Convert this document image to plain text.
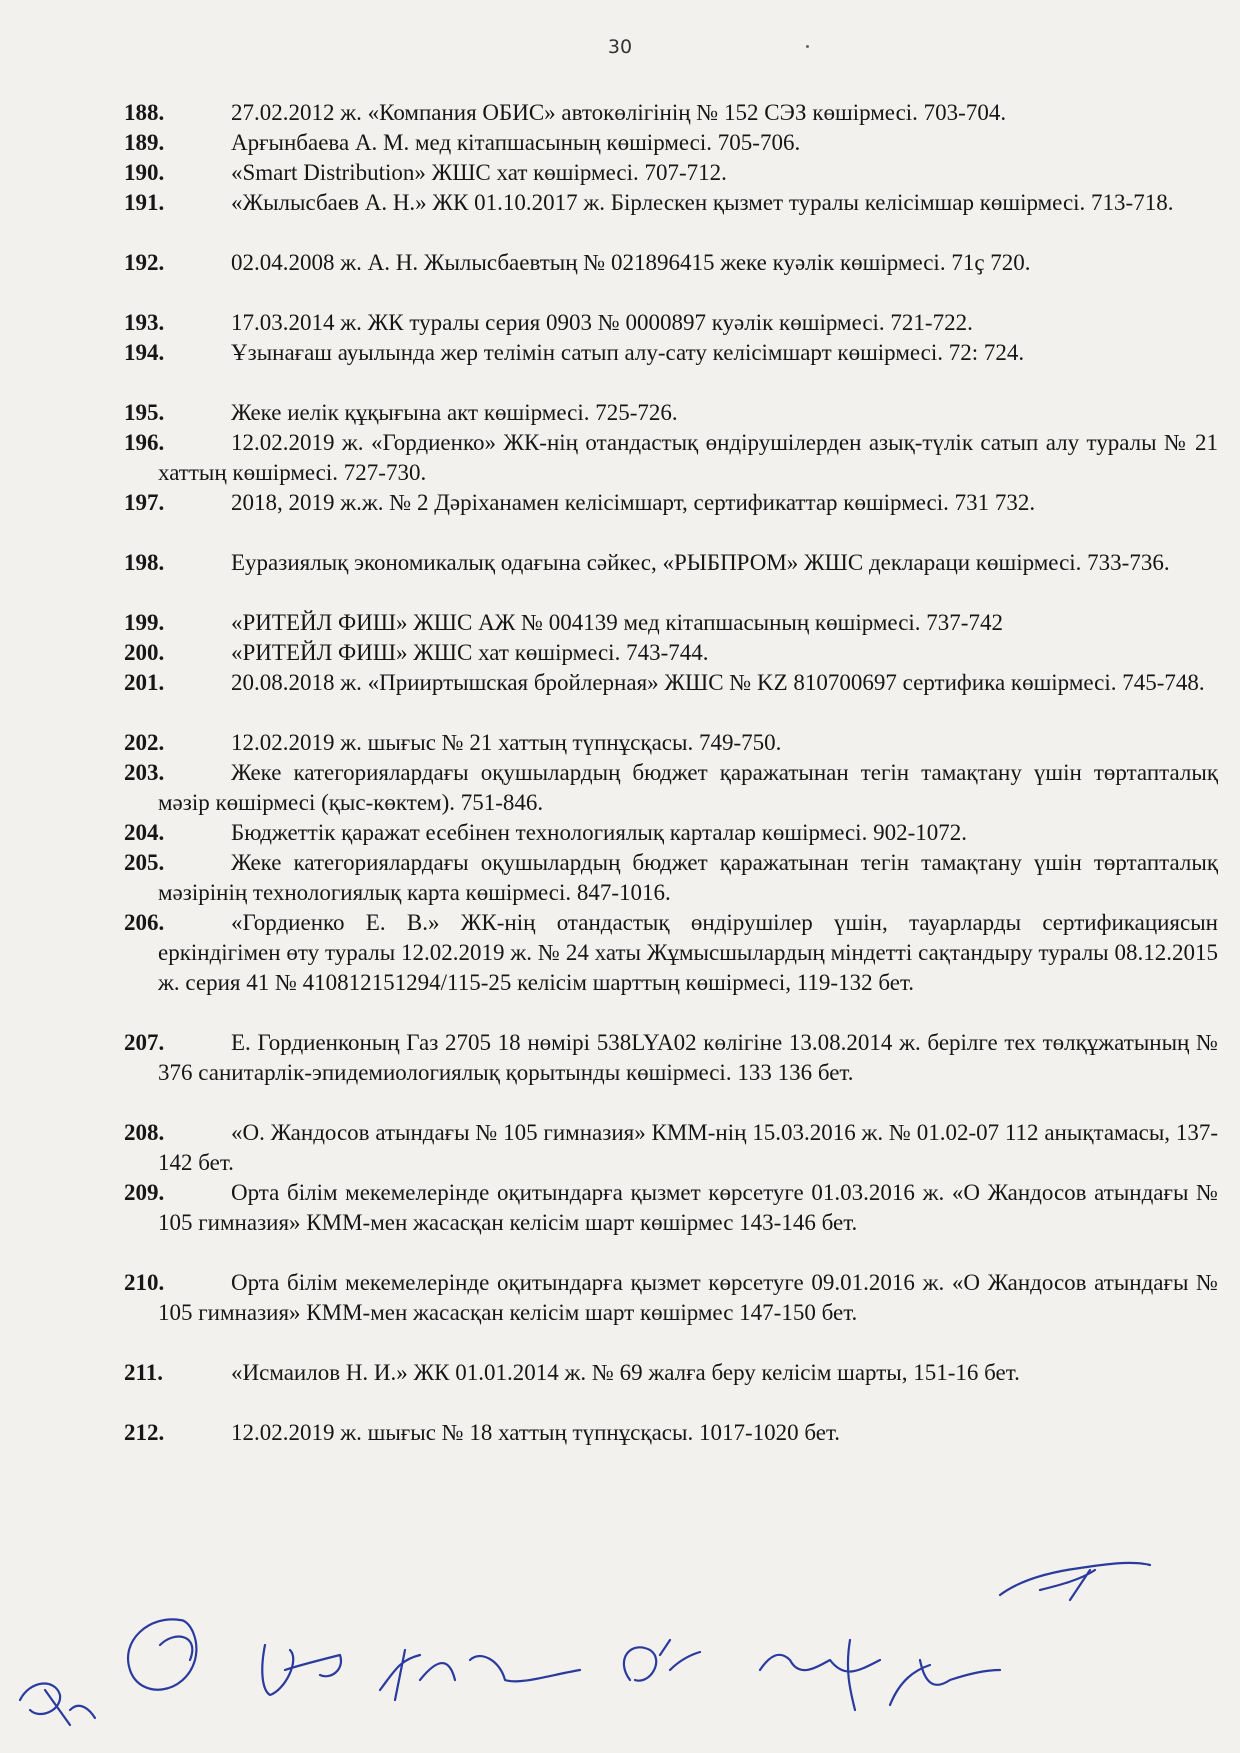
30
188.	27.02.2012 ж. «Компания ОБИС» автокөлігінің № 152 СЭЗ көшірмесі. 703-704.
189.	Арғынбаева А. М. мед кітапшасының көшірмесі. 705-706.
190.	«Smart Distribution» ЖШС хат көшірмесі. 707-712.
191.	«Жылысбаев А. Н.» ЖК 01.10.2017 ж. Бірлескен қызмет туралы келісімшар көшірмесі. 713-718.
192.	02.04.2008 ж. А. Н. Жылысбаевтың № 021896415 жеке куәлік көшірмесі. 71ҫ 720.
193.	17.03.2014 ж. ЖК туралы серия 0903 № 0000897 куәлік көшірмесі. 721-722.
194.	Ұзынағаш ауылында жер телімін сатып алу-сату келісімшарт көшірмесі. 72: 724.
195.	Жеке иелік құқығына акт көшірмесі. 725-726.
196.	12.02.2019 ж. «Гордиенко» ЖК-нің отандастық өндірушілерден азық-түлік сатып алу туралы № 21 хаттың көшірмесі. 727-730.
197.	2018, 2019 ж.ж. № 2 Дәріханамен келісімшарт, сертификаттар көшірмесі. 731 732.
198.	Еуразиялық экономикалық одағына сәйкес, «РЫБПРОМ» ЖШС деклараци көшірмесі. 733-736.
199.	«РИТЕЙЛ ФИШ» ЖШС АЖ № 004139 мед кітапшасының көшірмесі. 737-742
200.	«РИТЕЙЛ ФИШ» ЖШС хат көшірмесі. 743-744.
201.	20.08.2018 ж. «Прииртышская бройлерная» ЖШС № KZ 810700697 сертифика көшірмесі. 745-748.
202.	12.02.2019 ж. шығыс № 21 хаттың түпнұсқасы. 749-750.
203.	Жеке категориялардағы оқушылардың бюджет қаражатынан тегін тамақтану үшін төртапталық мәзір көшірмесі (қыс-көктем). 751-846.
204.	Бюджеттік қаражат есебінен технологиялық карталар көшірмесі. 902-1072.
205.	Жеке категориялардағы оқушылардың бюджет қаражатынан тегін тамақтану үшін төртапталық мәзірінің технологиялық карта көшірмесі. 847-1016.
206.	«Гордиенко Е. В.» ЖК-нің отандастық өндірушілер үшін, тауарларды сертификациясын еркіндігімен өту туралы 12.02.2019 ж. № 24 хаты Жұмысшылардың міндетті сақтандыру туралы 08.12.2015 ж. серия 41 № 410812151294/115-25 келісім шарттың көшірмесі, 119-132 бет.
207.	Е. Гордиенконың Газ 2705 18 нөмірі 538LYA02 көлігіне 13.08.2014 ж. берілге тех төлқұжатының № 376 санитарлік-эпидемиологиялық қорытынды көшірмесі. 133 136 бет.
208.	«О. Жандосов атындағы № 105 гимназия» КММ-нің 15.03.2016 ж. № 01.02-07 112 анықтамасы, 137-142 бет.
209.	Орта білім мекемелерінде оқитындарға қызмет көрсетуге 01.03.2016 ж. «О Жандосов атындағы № 105 гимназия» КММ-мен жасасқан келісім шарт көшірмес 143-146 бет.
210.	Орта білім мекемелерінде оқитындарға қызмет көрсетуге 09.01.2016 ж. «О Жандосов атындағы № 105 гимназия» КММ-мен жасасқан келісім шарт көшірмес 147-150 бет.
211.	«Исмаилов Н. И.» ЖК 01.01.2014 ж. № 69 жалға беру келісім шарты, 151-16 бет.
212.	12.02.2019 ж. шығыс № 18 хаттың түпнұсқасы. 1017-1020 бет.
